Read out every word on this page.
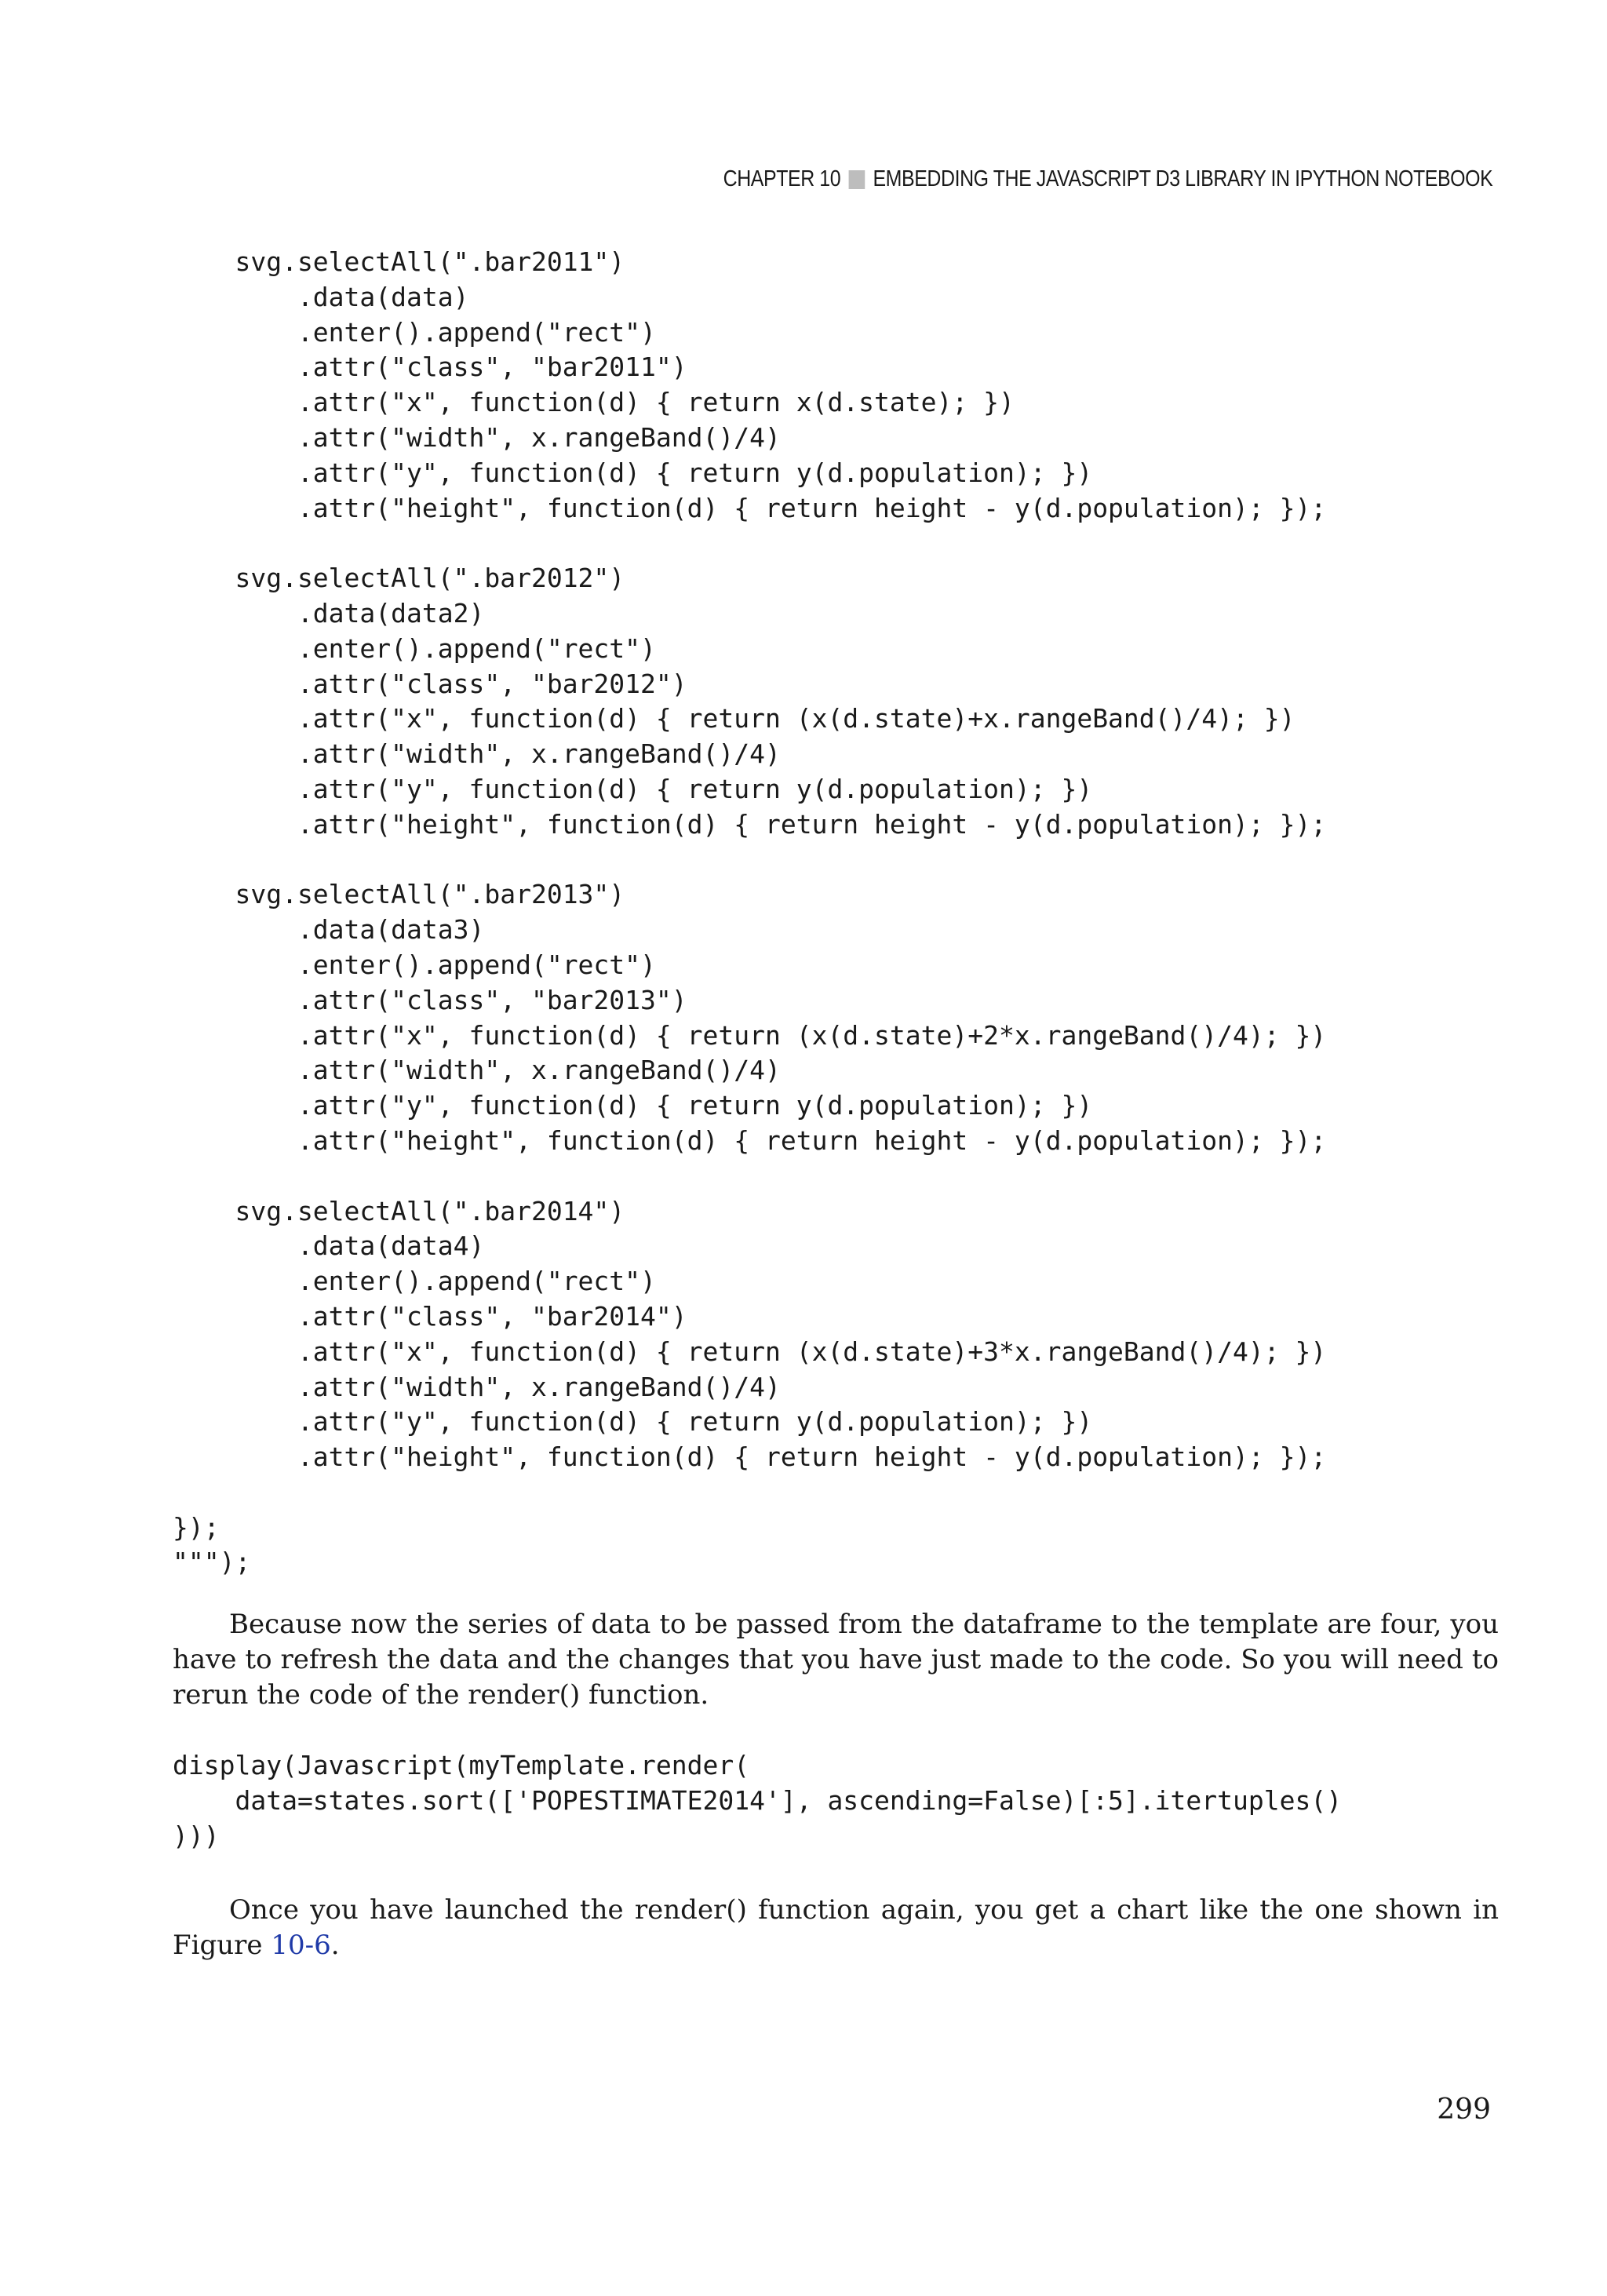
CHAPTER 10 EMBEDDING THE JAVASCRIPT D3 LIBRARY IN IPYTHON NOTEBOOK
svg.selectAll(".bar2011")
.data(data)
.enter().append("rect")
.attr("class", "bar2011")
.attr("x", function(d) { return x(d.state); })
.attr("width", x.rangeBand()/4)
.attr("y", function(d) { return y(d.population); })
.attr("height", function(d) { return height - y(d.population); });

svg.selectAll(".bar2012")
.data(data2)
.enter().append("rect")
.attr("class", "bar2012")
.attr("x", function(d) { return (x(d.state)+x.rangeBand()/4); })
.attr("width", x.rangeBand()/4)
.attr("y", function(d) { return y(d.population); })
.attr("height", function(d) { return height - y(d.population); });

svg.selectAll(".bar2013")
.data(data3)
.enter().append("rect")
.attr("class", "bar2013")
.attr("x", function(d) { return (x(d.state)+2*x.rangeBand()/4); })
.attr("width", x.rangeBand()/4)
.attr("y", function(d) { return y(d.population); })
.attr("height", function(d) { return height - y(d.population); });

svg.selectAll(".bar2014")
.data(data4)
.enter().append("rect")
.attr("class", "bar2014")
.attr("x", function(d) { return (x(d.state)+3*x.rangeBand()/4); })
.attr("width", x.rangeBand()/4)
.attr("y", function(d) { return y(d.population); })
.attr("height", function(d) { return height - y(d.population); });

});
""");

Because now the series of data to be passed from the dataframe to the template are four, you have to refresh the data and the changes that you have just made to the code. So you will need to rerun the code of the render() function.

display(Javascript(myTemplate.render(
data=states.sort(['POPESTIMATE2014'], ascending=False)[:5].itertuples()
)))

Once you have launched the render() function again, you get a chart like the one shown in Figure 10-6.

299
